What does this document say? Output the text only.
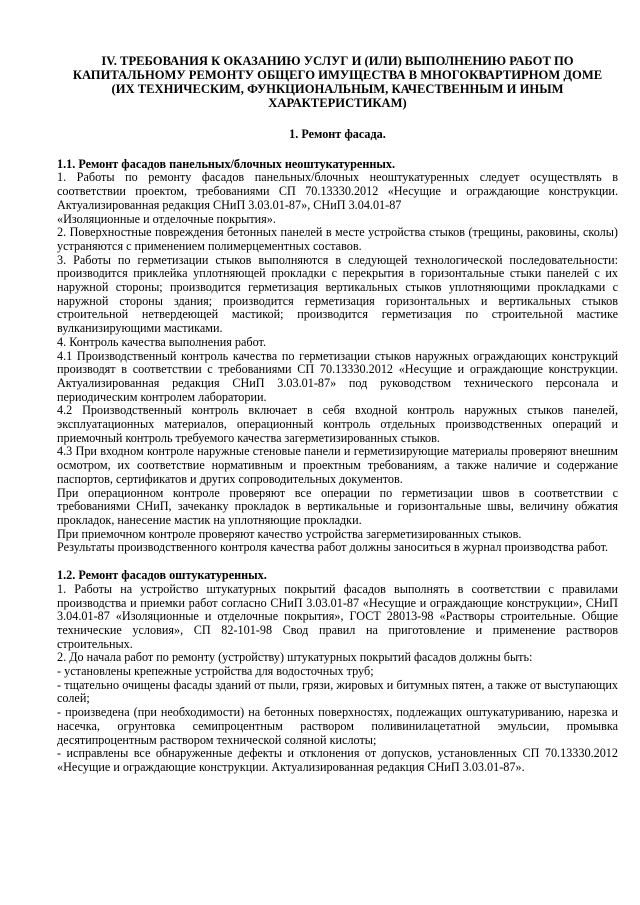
IV. ТРЕБОВАНИЯ К ОКАЗАНИЮ УСЛУГ И (ИЛИ) ВЫПОЛНЕНИЮ РАБОТ ПО
КАПИТАЛЬНОМУ РЕМОНТУ ОБЩЕГО ИМУЩЕСТВА В МНОГОКВАРТИРНОМ ДОМЕ
(ИХ ТЕХНИЧЕСКИМ, ФУНКЦИОНАЛЬНЫМ, КАЧЕСТВЕННЫМ И ИНЫМ
ХАРАКТЕРИСТИКАМ)
1. Ремонт фасада.
1.1. Ремонт фасадов панельных/блочных неоштукатуренных.
1. Работы по ремонту фасадов панельных/блочных неоштукатуренных следует осуществлять в соответствии проектом, требованиями СП 70.13330.2012 «Несущие и ограждающие конструкции. Актуализированная редакция СНиП 3.03.01-87», СНиП 3.04.01-87
«Изоляционные и отделочные покрытия».
2. Поверхностные повреждения бетонных панелей в месте устройства стыков (трещины, раковины, сколы) устраняются с применением полимерцементных составов.
3. Работы по герметизации стыков выполняются в следующей технологической последовательности: производится приклейка уплотняющей прокладки с перекрытия в горизонтальные стыки панелей с их наружной стороны; производится герметизация вертикальных стыков уплотняющими прокладками с наружной стороны здания; производится герметизация горизонтальных и вертикальных стыков строительной нетвердеющей мастикой; производится герметизация по строительной мастике вулканизирующими мастиками.
4. Контроль качества выполнения работ.
4.1 Производственный контроль качества по герметизации стыков наружных ограждающих конструкций производят в соответствии с требованиями СП 70.13330.2012 «Несущие и ограждающие конструкции. Актуализированная редакция СНиП 3.03.01-87» под руководством технического персонала и периодическим контролем лаборатории.
4.2 Производственный контроль включает в себя входной контроль наружных стыков панелей, эксплуатационных материалов, операционный контроль отдельных производственных операций и приемочный контроль требуемого качества загерметизированных стыков.
4.3 При входном контроле наружные стеновые панели и герметизирующие материалы проверяют внешним осмотром, их соответствие нормативным и проектным требованиям, а также наличие и содержание паспортов, сертификатов и других сопроводительных документов.
При операционном контроле проверяют все операции по герметизации швов в соответствии с требованиями СНиП, зачеканку прокладок в вертикальные и горизонтальные швы, величину обжатия прокладок, нанесение мастик на уплотняющие прокладки.
При приемочном контроле проверяют качество устройства загерметизированных стыков.
Результаты производственного контроля качества работ должны заноситься в журнал производства работ.
1.2. Ремонт фасадов оштукатуренных.
1. Работы на устройство штукатурных покрытий фасадов выполнять в соответствии с правилами производства и приемки работ согласно СНиП 3.03.01-87 «Несущие и ограждающие конструкции», СНиП 3.04.01-87 «Изоляционные и отделочные покрытия», ГОСТ 28013-98 «Растворы строительные. Общие технические условия», СП 82-101-98 Свод правил на приготовление и применение растворов строительных.
2. До начала работ по ремонту (устройству) штукатурных покрытий фасадов должны быть:
- установлены крепежные устройства для водосточных труб;
- тщательно очищены фасады зданий от пыли, грязи, жировых и битумных пятен, а также от выступающих солей;
- произведена (при необходимости) на бетонных поверхностях, подлежащих оштукатуриванию, нарезка и насечка, огрунтовка семипроцентным раствором поливинилацетатной эмульсии, промывка десятипроцентным раствором технической соляной кислоты;
- исправлены все обнаруженные дефекты и отклонения от допусков, установленных СП 70.13330.2012 «Несущие и ограждающие конструкции. Актуализированная редакция СНиП 3.03.01-87».
